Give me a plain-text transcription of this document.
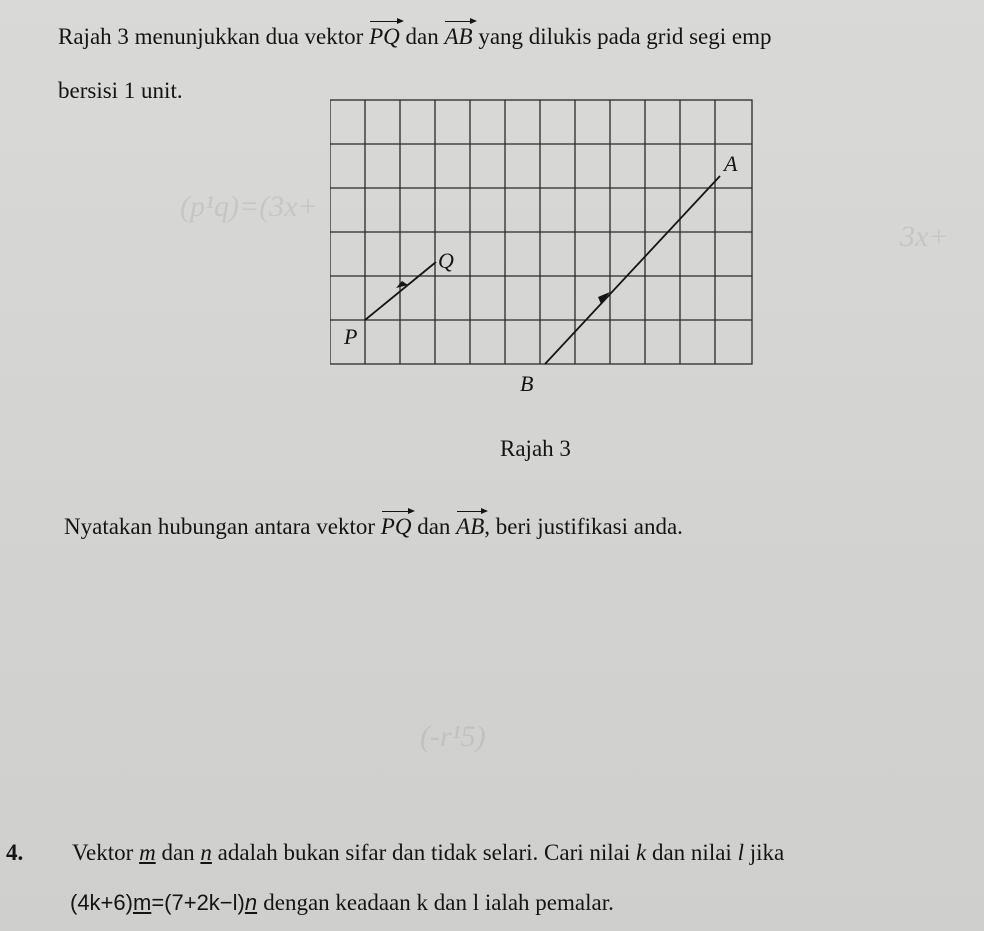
(p¹q)=(3x+
3x+
(-r¹5)
Rajah 3 menunjukkan dua vektor PQ dan AB yang dilukis pada grid segi emp
bersisi 1 unit.
P
Q
A
B
Rajah 3
Nyatakan hubungan antara vektor PQ dan AB, beri justifikasi anda.
4. Vektor m dan n adalah bukan sifar dan tidak selari. Cari nilai k dan nilai l jika
(4k+6)m=(7+2k−l)n dengan keadaan k dan l ialah pemalar.
